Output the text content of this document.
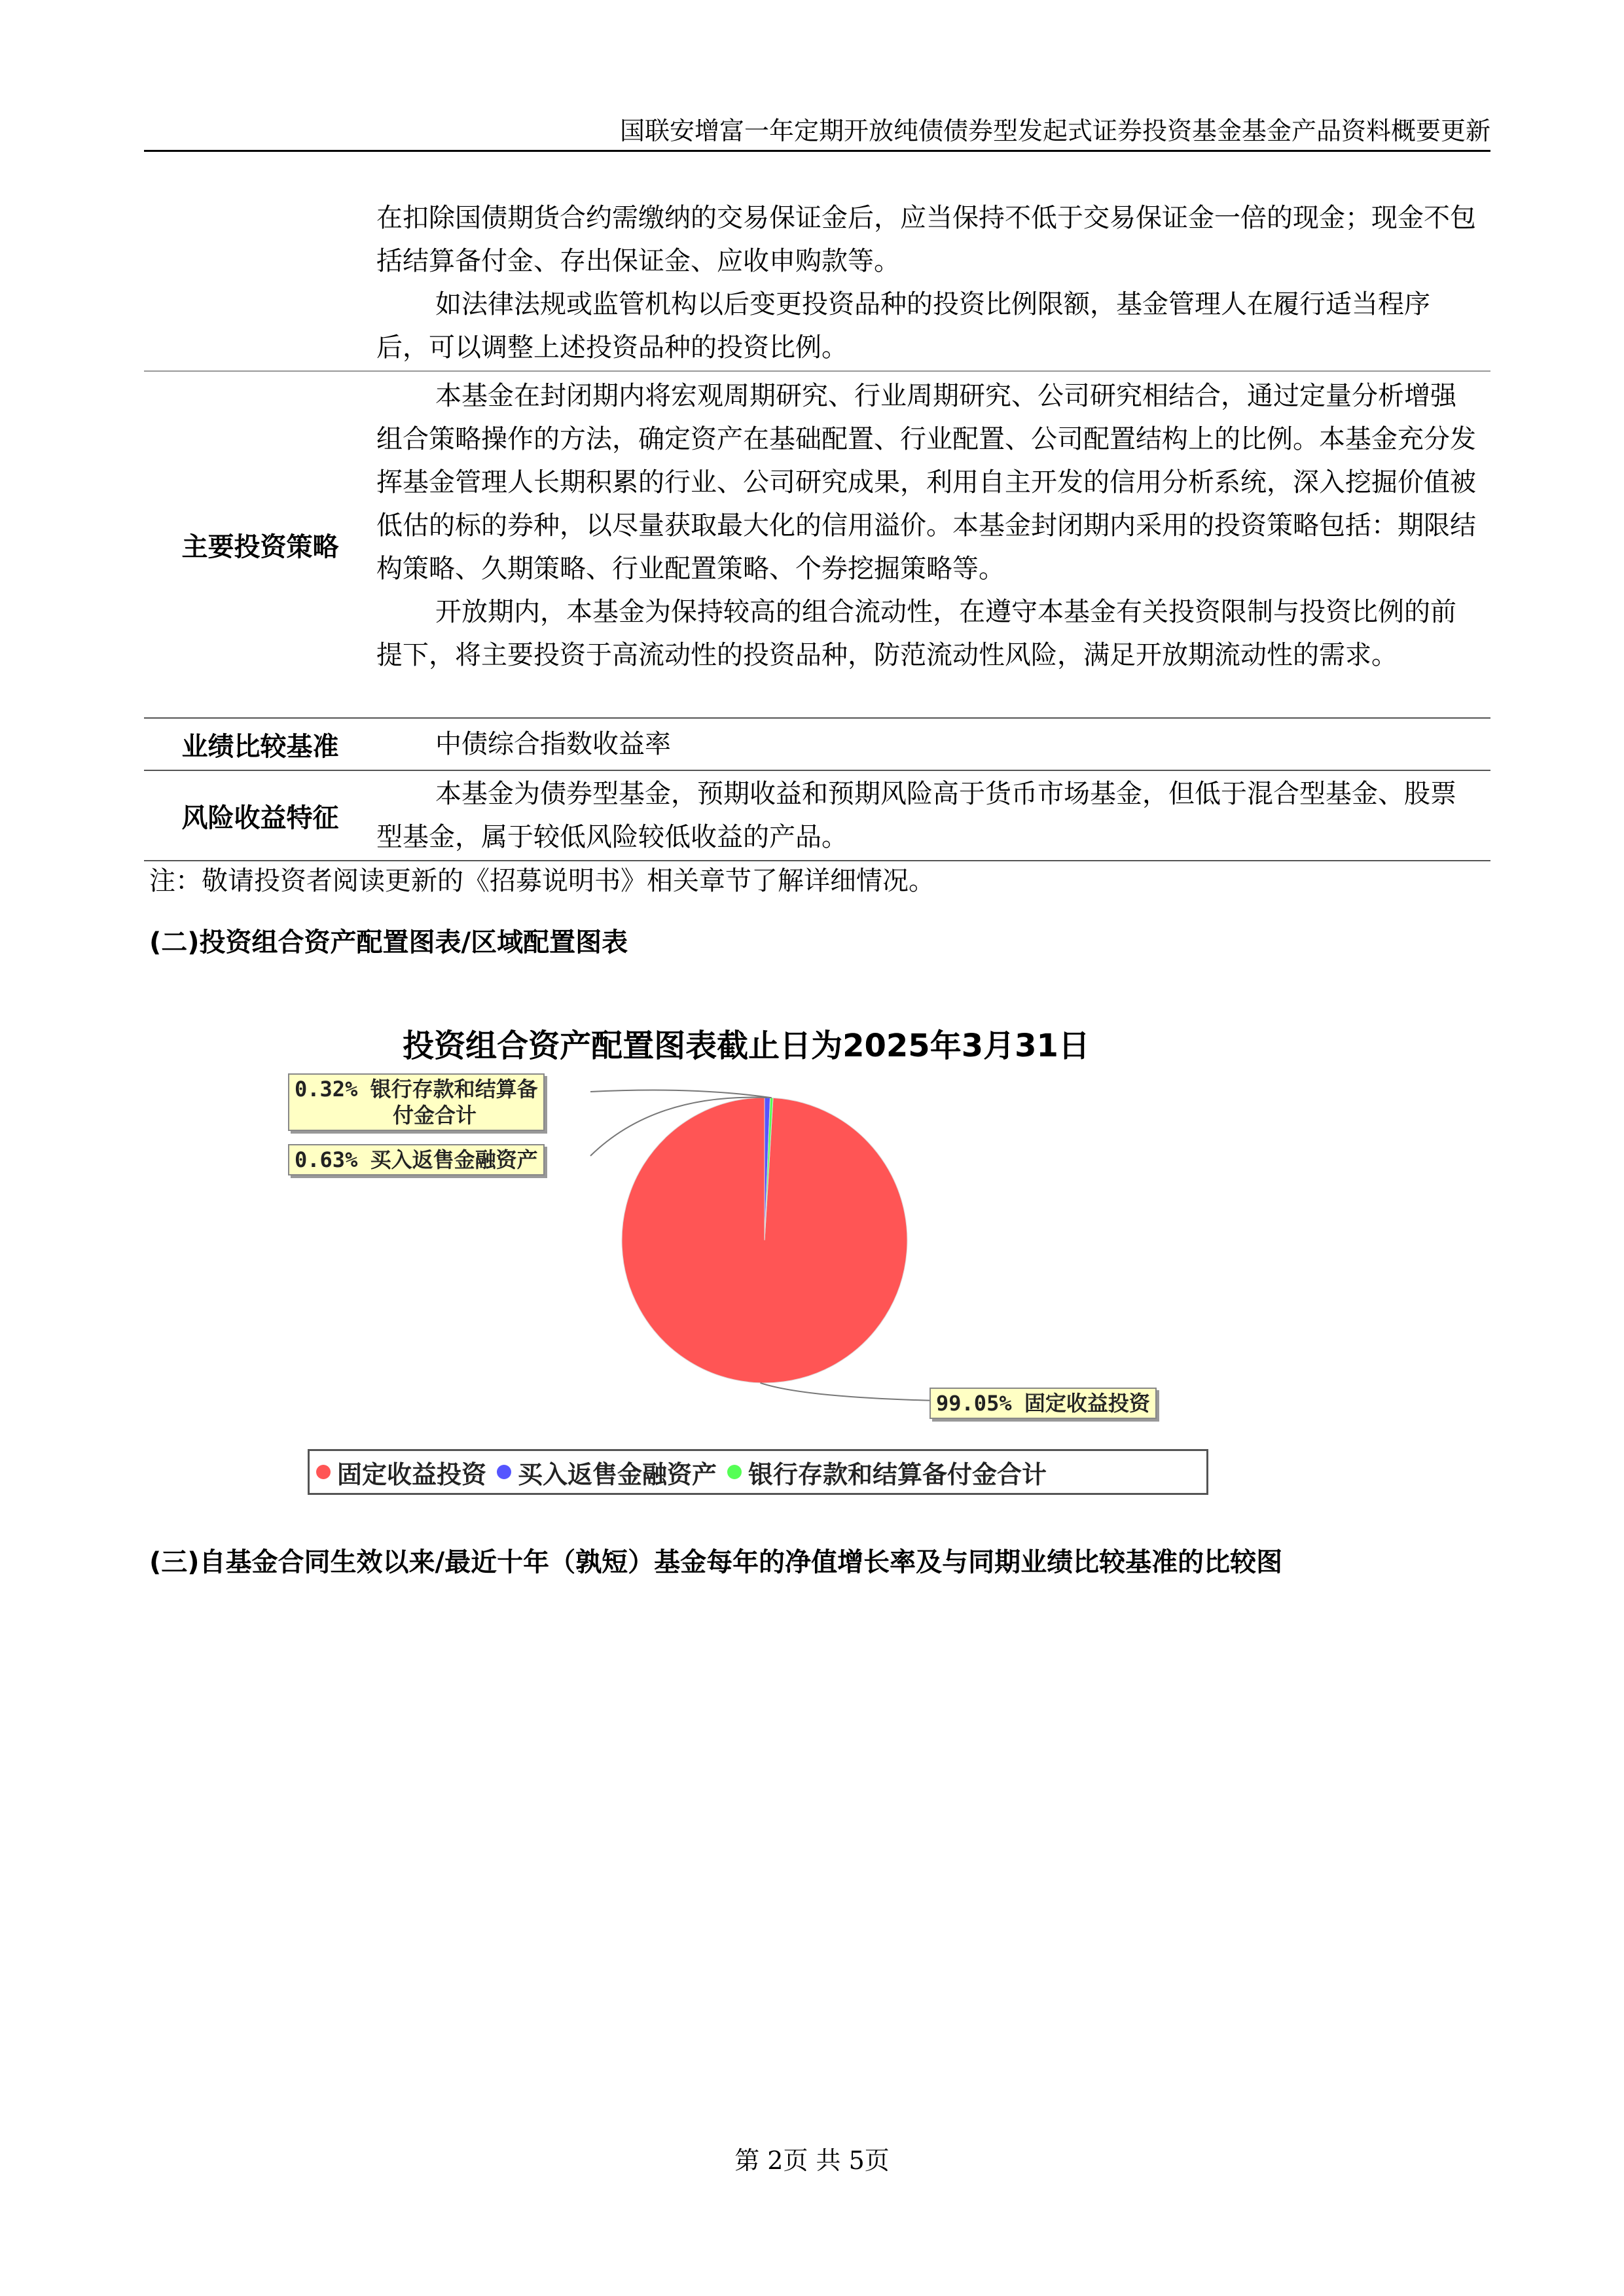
国联安增富一年定期开放纯债债券型发起式证券投资基金基金产品资料概要更新

在扣除国债期货合约需缴纳的交易保证金后，应当保持不低于交易保证金一倍的现金；现金不包括结算备付金、存出保证金、应收申购款等。

如法律法规或监管机构以后变更投资品种的投资比例限额，基金管理人在履行适当程序后，可以调整上述投资品种的投资比例。

主要投资策略

本基金在封闭期内将宏观周期研究、行业周期研究、公司研究相结合，通过定量分析增强组合策略操作的方法，确定资产在基础配置、行业配置、公司配置结构上的比例。本基金充分发挥基金管理人长期积累的行业、公司研究成果，利用自主开发的信用分析系统，深入挖掘价值被低估的标的券种，以尽量获取最大化的信用溢价。本基金封闭期内采用的投资策略包括：期限结构策略、久期策略、行业配置策略、个券挖掘策略等。

开放期内，本基金为保持较高的组合流动性，在遵守本基金有关投资限制与投资比例的前提下，将主要投资于高流动性的投资品种，防范流动性风险，满足开放期流动性的需求。

业绩比较基准	中债综合指数收益率

风险收益特征

本基金为债券型基金，预期收益和预期风险高于货币市场基金，但低于混合型基金、股票型基金，属于较低风险较低收益的产品。

注：敬请投资者阅读更新的《招募说明书》相关章节了解详细情况。
(二)投资组合资产配置图表/区域配置图表
投资组合资产配置图表截止日为2025年3月31日
0.32% 银行存款和结算备
付金合计
0.63% 买入返售金融资产
99.05% 固定收益投资
固定收益投资 买入返售金融资产 银行存款和结算备付金合计
(三)自基金合同生效以来/最近十年（孰短）基金每年的净值增长率及与同期业绩比较基准的比较图
第 2页 共 5页
